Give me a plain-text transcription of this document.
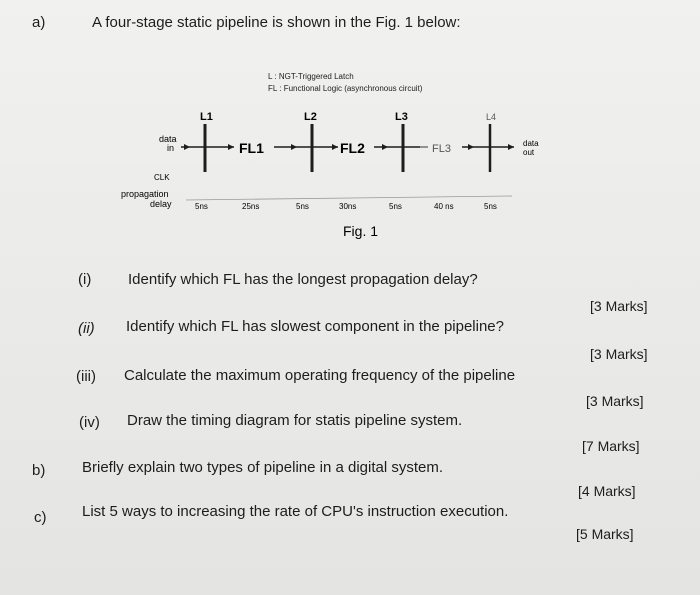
a)	A four-stage static pipeline is shown in the Fig. 1 below:
L : NGT-Triggered Latch
FL : Functional Logic (asynchronous circuit)
L1	L2	L3	L4
FL1	FL2	FL3
data
in	data
out
CLK
propagation
delay	5ns	25ns	5ns	30ns	5ns	40 ns	5ns
Fig. 1
(i) Identify which FL has the longest propagation delay?
[3 Marks]
(ii) Identify which FL has slowest component in the pipeline?
[3 Marks]
(iii) Calculate the maximum operating frequency of the pipeline
[3 Marks]
(iv) Draw the timing diagram for statis pipeline system.
[7 Marks]
b) Briefly explain two types of pipeline in a digital system.
[4 Marks]
c) List 5 ways to increasing the rate of CPU's instruction execution.
[5 Marks]
